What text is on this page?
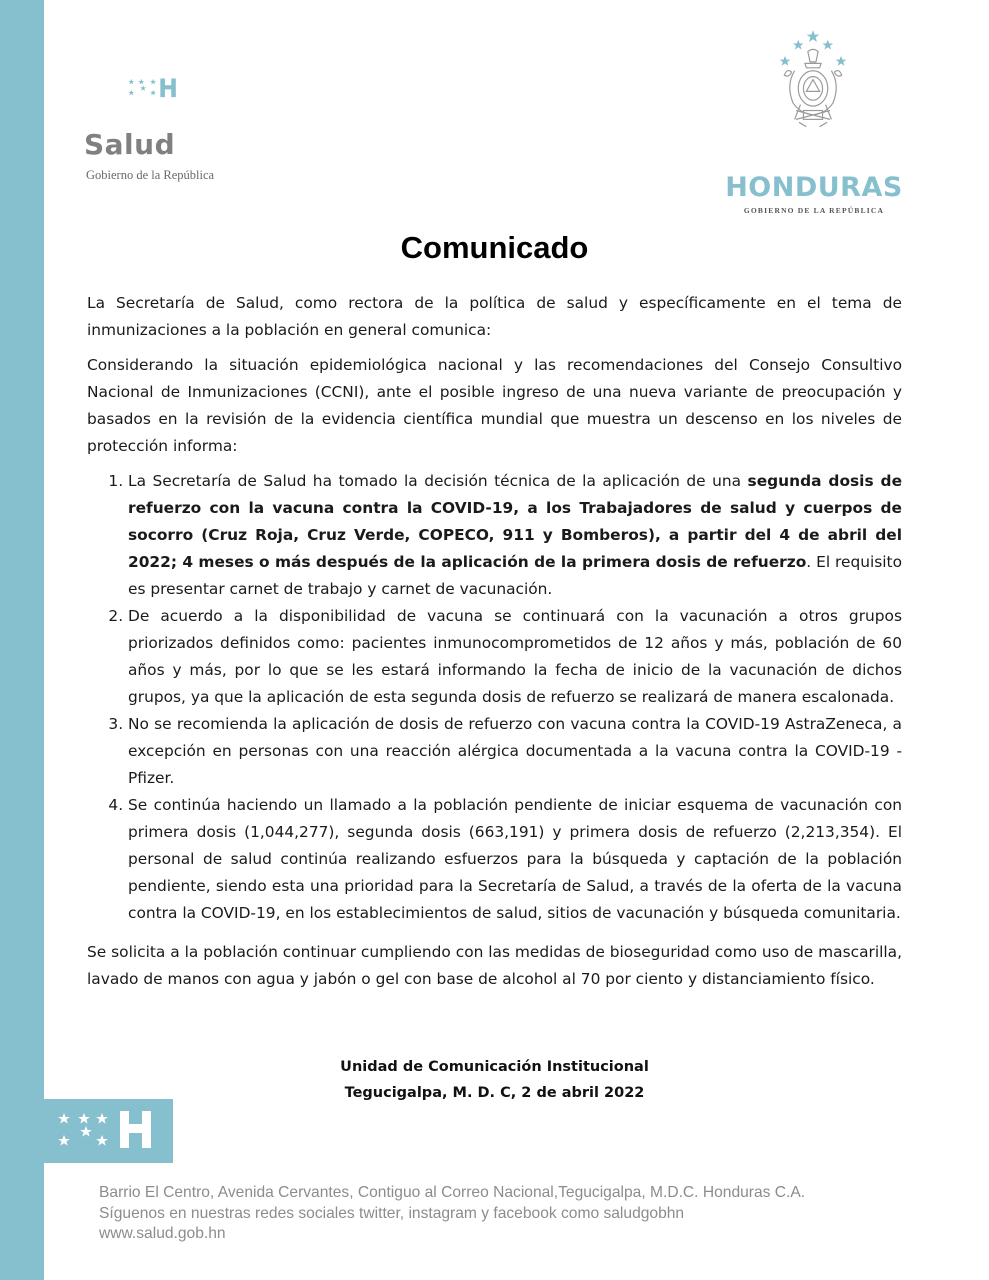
Salud
Gobierno de la República	HONDURAS
GOBIERNO DE LA REPÚBLICA
Comunicado

La Secretaría de Salud, como rectora de la política de salud y específicamente en el tema de inmunizaciones a la población en general comunica:

Considerando la situación epidemiológica nacional y las recomendaciones del Consejo Consultivo Nacional de Inmunizaciones (CCNI), ante el posible ingreso de una nueva variante de preocupación y basados en la revisión de la evidencia científica mundial que muestra un descenso en los niveles de protección informa:

1. La Secretaría de Salud ha tomado la decisión técnica de la aplicación de una segunda dosis de refuerzo con la vacuna contra la COVID-19, a los Trabajadores de salud y cuerpos de socorro (Cruz Roja, Cruz Verde, COPECO, 911 y Bomberos), a partir del 4 de abril del 2022; 4 meses o más después de la aplicación de la primera dosis de refuerzo. El requisito es presentar carnet de trabajo y carnet de vacunación.
2. De acuerdo a la disponibilidad de vacuna se continuará con la vacunación a otros grupos priorizados definidos como: pacientes inmunocomprometidos de 12 años y más, población de 60 años y más, por lo que se les estará informando la fecha de inicio de la vacunación de dichos grupos, ya que la aplicación de esta segunda dosis de refuerzo se realizará de manera escalonada.
3. No se recomienda la aplicación de dosis de refuerzo con vacuna contra la COVID-19 AstraZeneca, a excepción en personas con una reacción alérgica documentada a la vacuna contra la COVID-19 - Pfizer.
4. Se continúa haciendo un llamado a la población pendiente de iniciar esquema de vacunación con primera dosis (1,044,277), segunda dosis (663,191) y primera dosis de refuerzo (2,213,354). El personal de salud continúa realizando esfuerzos para la búsqueda y captación de la población pendiente, siendo esta una prioridad para la Secretaría de Salud, a través de la oferta de la vacuna contra la COVID-19, en los establecimientos de salud, sitios de vacunación y búsqueda comunitaria.

Se solicita a la población continuar cumpliendo con las medidas de bioseguridad como uso de mascarilla, lavado de manos con agua y jabón o gel con base de alcohol al 70 por ciento y distanciamiento físico.

Unidad de Comunicación Institucional
Tegucigalpa, M. D. C, 2 de abril 2022
Barrio El Centro, Avenida Cervantes, Contiguo al Correo Nacional,Tegucigalpa, M.D.C. Honduras C.A.
Síguenos en nuestras redes sociales twitter, instagram y facebook como saludgobhn
www.salud.gob.hn
